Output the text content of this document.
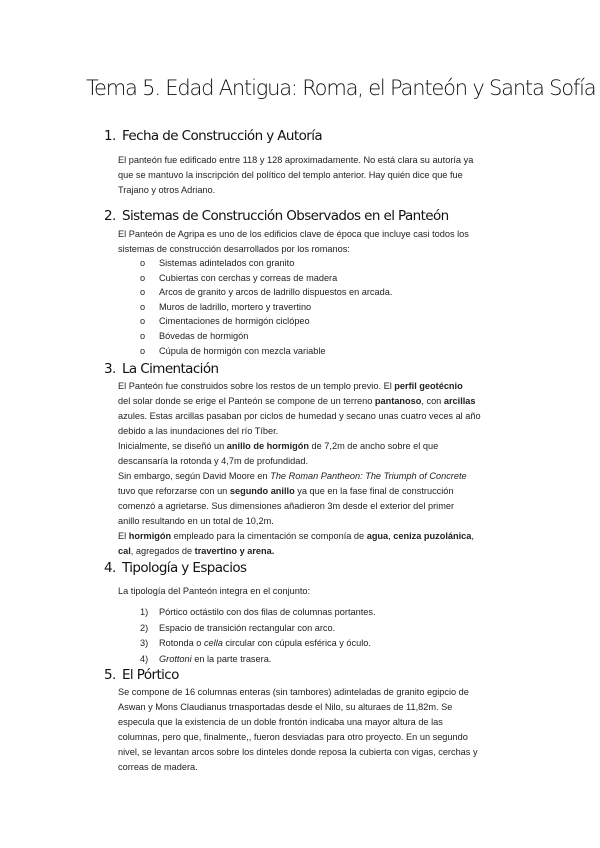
Tema 5. Edad Antigua: Roma, el Panteón y Santa Sofía
1. Fecha de Construcción y Autoría
El panteón fue edificado entre 118 y 128 aproximadamente. No está clara su autoría ya
que se mantuvo la inscripción del político del templo anterior. Hay quién dice que fue
Trajano y otros Adriano.
2. Sistemas de Construcción Observados en el Panteón
El Panteón de Agripa es uno de los edificios clave de época que incluye casi todos los
sistemas de construcción desarrollados por los romanos:
o Sistemas adintelados con granito
o Cubiertas con cerchas y correas de madera
o Arcos de granito y arcos de ladrillo dispuestos en arcada.
o Muros de ladrillo, mortero y travertino
o Cimentaciones de hormigón ciclópeo
o Bóvedas de hormigón
o Cúpula de hormigón con mezcla variable
3. La Cimentación
El Panteón fue construidos sobre los restos de un templo previo. El perfil geotécnio
del solar donde se erige el Panteón se compone de un terreno pantanoso, con arcillas
azules. Estas arcillas pasaban por ciclos de humedad y secano unas cuatro veces al año
debido a las inundaciones del río Tíber.
Inicialmente, se diseñó un anillo de hormigón de 7,2m de ancho sobre el que
descansaría la rotonda y 4,7m de profundidad.
Sin embargo, según David Moore en The Roman Pantheon: The Triumph of Concrete
tuvo que reforzarse con un segundo anillo ya que en la fase final de construcción
comenzó a agrietarse. Sus dimensiones añadieron 3m desde el exterior del primer
anillo resultando en un total de 10,2m.
El hormigón empleado para la cimentación se componía de agua, ceniza puzolánica,
cal, agregados de travertino y arena.
4. Tipología y Espacios
La tipología del Panteón integra en el conjunto:
1) Pórtico octástilo con dos filas de columnas portantes.
2) Espacio de transición rectangular con arco.
3) Rotonda o cella circular con cúpula esférica y óculo.
4) Grottoni en la parte trasera.
5. El Pórtico
Se compone de 16 columnas enteras (sin tambores) adinteladas de granito egipcio de
Aswan y Mons Claudianus trnasportadas desde el Nilo, su alturaes de 11,82m. Se
especula que la existencia de un doble frontón indicaba una mayor altura de las
columnas, pero que, finalmente,, fueron desviadas para otro proyecto. En un segundo
nivel, se levantan arcos sobre los dinteles donde reposa la cubierta con vigas, cerchas y
correas de madera.
